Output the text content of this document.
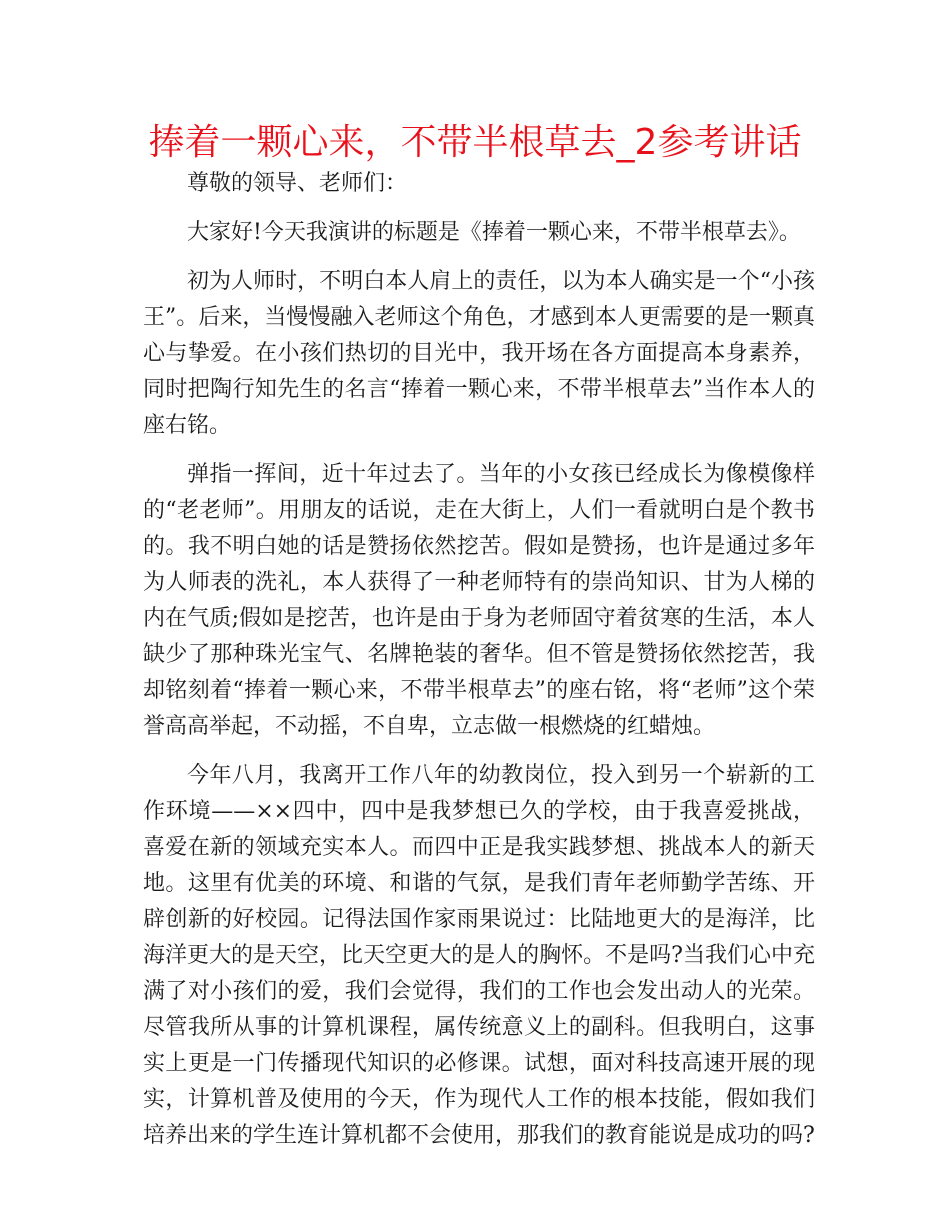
捧着一颗心来，不带半根草去_2参考讲话

尊敬的领导、老师们：

大家好!今天我演讲的标题是《捧着一颗心来，不带半根草去》。

初为人师时，不明白本人肩上的责任，以为本人确实是一个“小孩王”。后来，当慢慢融入老师这个角色，才感到本人更需要的是一颗真心与挚爱。在小孩们热切的目光中，我开场在各方面提高本身素养，同时把陶行知先生的名言“捧着一颗心来，不带半根草去”当作本人的座右铭。

弹指一挥间，近十年过去了。当年的小女孩已经成长为像模像样的“老老师”。用朋友的话说，走在大街上，人们一看就明白是个教书的。我不明白她的话是赞扬依然挖苦。假如是赞扬，也许是通过多年为人师表的洗礼，本人获得了一种老师特有的崇尚知识、甘为人梯的内在气质;假如是挖苦，也许是由于身为老师固守着贫寒的生活，本人缺少了那种珠光宝气、名牌艳装的奢华。但不管是赞扬依然挖苦，我却铭刻着“捧着一颗心来，不带半根草去”的座右铭，将“老师”这个荣誉高高举起，不动摇，不自卑，立志做一根燃烧的红蜡烛。

今年八月，我离开工作八年的幼教岗位，投入到另一个崭新的工作环境——××四中，四中是我梦想已久的学校，由于我喜爱挑战，喜爱在新的领域充实本人。而四中正是我实践梦想、挑战本人的新天地。这里有优美的环境、和谐的气氛，是我们青年老师勤学苦练、开辟创新的好校园。记得法国作家雨果说过：比陆地更大的是海洋，比海洋更大的是天空，比天空更大的是人的胸怀。不是吗?当我们心中充满了对小孩们的爱，我们会觉得，我们的工作也会发出动人的光荣。尽管我所从事的计算机课程，属传统意义上的副科。但我明白，这事实上更是一门传播现代知识的必修课。试想，面对科技高速开展的现实，计算机普及使用的今天，作为现代人工作的根本技能，假如我们培养出来的学生连计算机都不会使用，那我们的教育能说是成功的吗?
